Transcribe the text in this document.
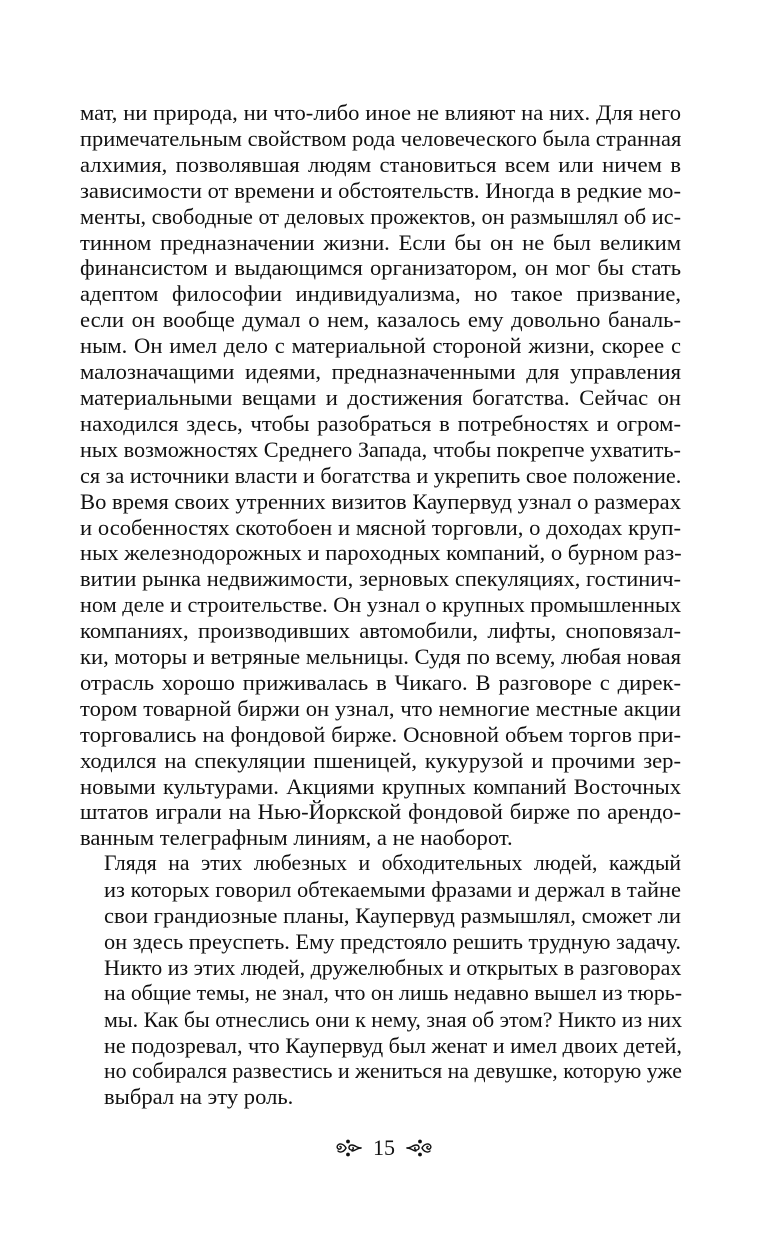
мат, ни природа, ни что-либо иное не влияют на них. Для него
примечательным свойством рода человеческого была странная
алхимия, позволявшая людям становиться всем или ничем в
зависимости от времени и обстоятельств. Иногда в редкие мо-
менты, свободные от деловых прожектов, он размышлял об ис-
тинном предназначении жизни. Если бы он не был великим
финансистом и выдающимся организатором, он мог бы стать
адептом философии индивидуализма, но такое призвание,
если он вообще думал о нем, казалось ему довольно баналь-
ным. Он имел дело с материальной стороной жизни, скорее с
малозначащими идеями, предназначенными для управления
материальными вещами и достижения богатства. Сейчас он
находился здесь, чтобы разобраться в потребностях и огром-
ных возможностях Среднего Запада, чтобы покрепче ухватить-
ся за источники власти и богатства и укрепить свое положение.
Во время своих утренних визитов Каупервуд узнал о размерах
и особенностях скотобоен и мясной торговли, о доходах круп-
ных железнодорожных и пароходных компаний, о бурном раз-
витии рынка недвижимости, зерновых спекуляциях, гостинич-
ном деле и строительстве. Он узнал о крупных промышленных
компаниях, производивших автомобили, лифты, сноповязал-
ки, моторы и ветряные мельницы. Судя по всему, любая новая
отрасль хорошо приживалась в Чикаго. В разговоре с дирек-
тором товарной биржи он узнал, что немногие местные акции
торговались на фондовой бирже. Основной объем торгов при-
ходился на спекуляции пшеницей, кукурузой и прочими зер-
новыми культурами. Акциями крупных компаний Восточных
штатов играли на Нью-Йоркской фондовой бирже по арендо-
ванным телеграфным линиям, а не наоборот.

Глядя на этих любезных и обходительных людей, каждый
из которых говорил обтекаемыми фразами и держал в тайне
свои грандиозные планы, Каупервуд размышлял, сможет ли
он здесь преуспеть. Ему предстояло решить трудную задачу.
Никто из этих людей, дружелюбных и открытых в разговорах
на общие темы, не знал, что он лишь недавно вышел из тюрь-
мы. Как бы отнеслись они к нему, зная об этом? Никто из них
не подозревал, что Каупервуд был женат и имел двоих детей,
но собирался развестись и жениться на девушке, которую уже
выбрал на эту роль.

15
